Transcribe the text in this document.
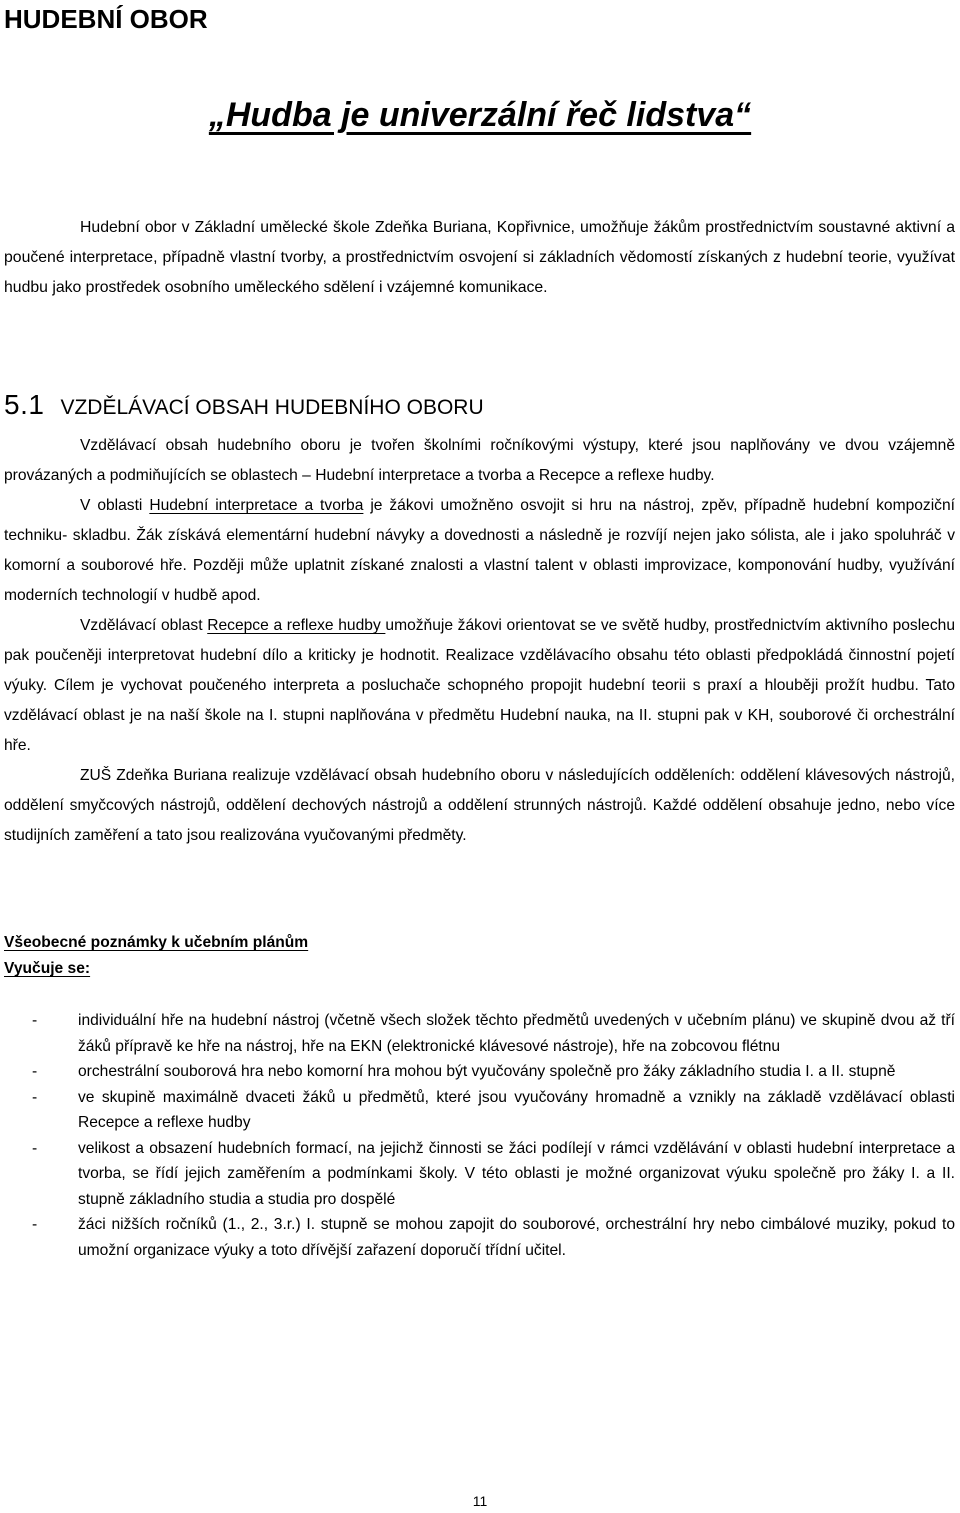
HUDEBNÍ OBOR

„Hudba je univerzální řeč lidstva“

Hudební obor v Základní umělecké škole Zdeňka Buriana, Kopřivnice, umožňuje žákům prostřednictvím soustavné aktivní a poučené interpretace, případně vlastní tvorby, a prostřednictvím osvojení si základních vědomostí získaných z hudební teorie, využívat hudbu jako prostředek osobního uměleckého sdělení i vzájemné komunikace.

5.1 VZDĚLÁVACÍ OBSAH HUDEBNÍHO OBORU

Vzdělávací obsah hudebního oboru je tvořen školními ročníkovými výstupy, které jsou naplňovány ve dvou vzájemně provázaných a podmiňujících se oblastech – Hudební interpretace a tvorba a Recepce a reflexe hudby.

V oblasti Hudební interpretace a tvorba je žákovi umožněno osvojit si hru na nástroj, zpěv, případně hudební kompoziční techniku- skladbu. Žák získává elementární hudební návyky a dovednosti a následně je rozvíjí nejen jako sólista, ale i jako spoluhráč v komorní a souborové hře. Později může uplatnit získané znalosti a vlastní talent v oblasti improvizace, komponování hudby, využívání moderních technologií v hudbě apod.

Vzdělávací oblast Recepce a reflexe hudby umožňuje žákovi orientovat se ve světě hudby, prostřednictvím aktivního poslechu pak poučeněji interpretovat hudební dílo a kriticky je hodnotit. Realizace vzdělávacího obsahu této oblasti předpokládá činnostní pojetí výuky. Cílem je vychovat poučeného interpreta a posluchače schopného propojit hudební teorii s praxí a hlouběji prožít hudbu. Tato vzdělávací oblast je na naší škole na I. stupni naplňována v předmětu Hudební nauka, na II. stupni pak v KH, souborové či orchestrální hře.

ZUŠ Zdeňka Buriana realizuje vzdělávací obsah hudebního oboru v následujících odděleních: oddělení klávesových nástrojů, oddělení smyčcových nástrojů, oddělení dechových nástrojů a oddělení strunných nástrojů. Každé oddělení obsahuje jedno, nebo více studijních zaměření a tato jsou realizována vyučovanými předměty.

Všeobecné poznámky k učebním plánům

Vyučuje se:

-	individuální hře na hudební nástroj (včetně všech složek těchto předmětů uvedených v učebním plánu) ve skupině dvou až tří žáků přípravě ke hře na nástroj, hře na EKN (elektronické klávesové nástroje), hře na zobcovou flétnu
-	orchestrální souborová hra nebo komorní hra mohou být vyučovány společně pro žáky základního studia I. a II. stupně
-	ve skupině maximálně dvaceti žáků u předmětů, které jsou vyučovány hromadně a vznikly na základě vzdělávací oblasti Recepce a reflexe hudby
-	velikost a obsazení hudebních formací, na jejichž činnosti se žáci podílejí v rámci vzdělávání v oblasti hudební interpretace a tvorba, se řídí jejich zaměřením a podmínkami školy. V této oblasti je možné organizovat výuku společně pro žáky I. a II. stupně základního studia a studia pro dospělé
-	žáci nižších ročníků (1., 2., 3.r.) I. stupně se mohou zapojit do souborové, orchestrální hry nebo cimbálové muziky, pokud to umožní organizace výuky a toto dřívější zařazení doporučí třídní učitel.

11
